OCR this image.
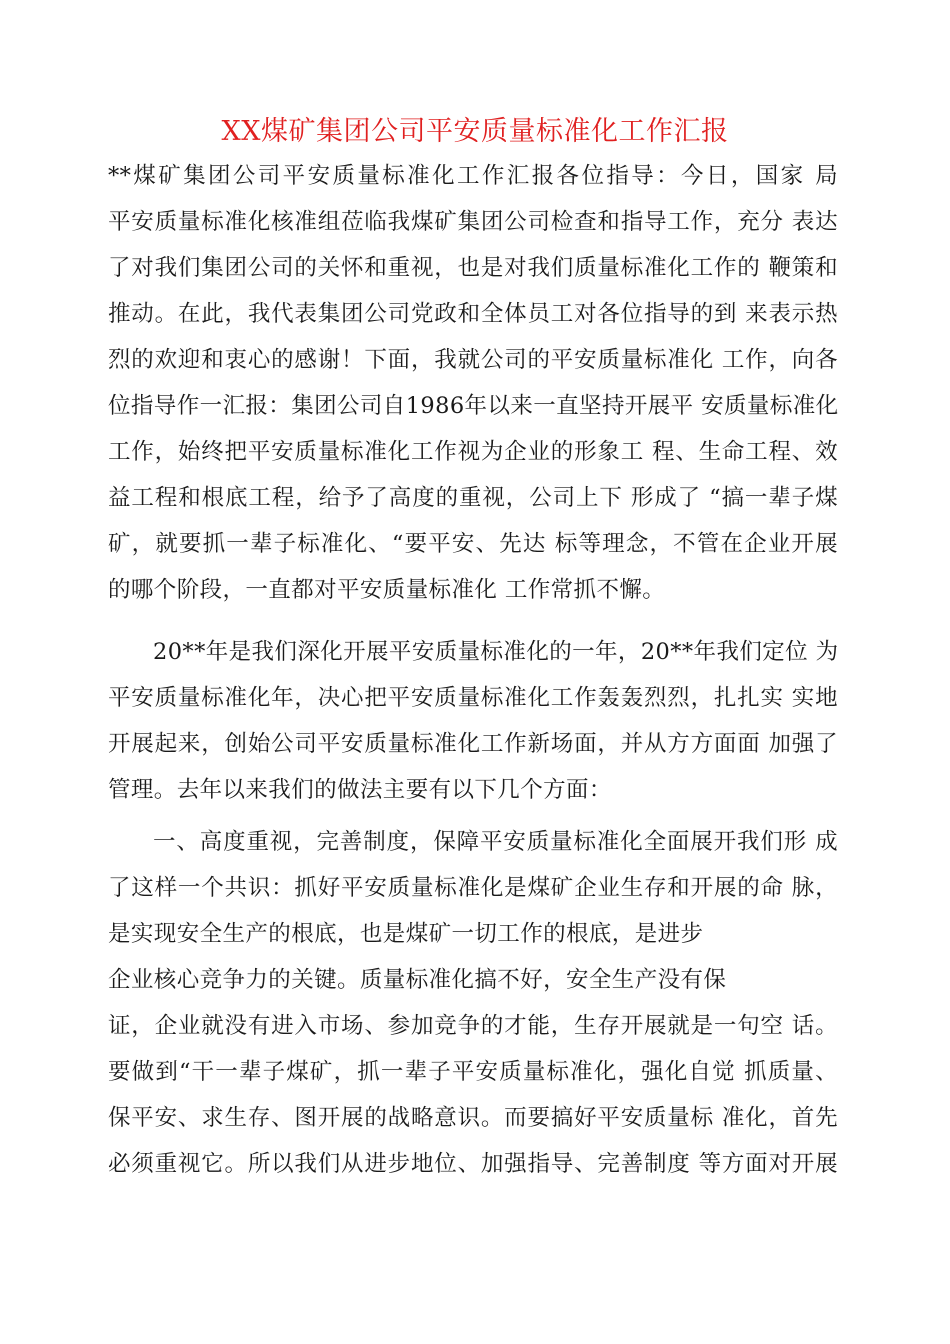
XX煤矿集团公司平安质量标准化工作汇报
**煤矿集团公司平安质量标准化工作汇报各位指导：今日，国家 局
平安质量标准化核准组莅临我煤矿集团公司检查和指导工作，充分 表达
了对我们集团公司的关怀和重视，也是对我们质量标准化工作的 鞭策和
推动。在此，我代表集团公司党政和全体员工对各位指导的到 来表示热
烈的欢迎和衷心的感谢！下面，我就公司的平安质量标准化 工作，向各
位指导作一汇报：集团公司自1986年以来一直坚持开展平 安质量标准化
工作，始终把平安质量标准化工作视为企业的形象工 程、生命工程、效
益工程和根底工程，给予了高度的重视，公司上下 形成了 “搞一辈子煤
矿，就要抓一辈子标准化、“要平安、先达 标等理念，不管在企业开展
的哪个阶段，一直都对平安质量标准化 工作常抓不懈。
20**年是我们深化开展平安质量标准化的一年，20**年我们定位 为
平安质量标准化年，决心把平安质量标准化工作轰轰烈烈，扎扎实 实地
开展起来，创始公司平安质量标准化工作新场面，并从方方面面 加强了
管理。去年以来我们的做法主要有以下几个方面：
一、高度重视，完善制度，保障平安质量标准化全面展开我们形 成
了这样一个共识：抓好平安质量标准化是煤矿企业生存和开展的命 脉，
是实现安全生产的根底，也是煤矿一切工作的根底，是进步
企业核心竞争力的关键。质量标准化搞不好，安全生产没有保
证，企业就没有进入市场、参加竞争的才能，生存开展就是一句空 话。
要做到“干一辈子煤矿，抓一辈子平安质量标准化，强化自觉 抓质量、
保平安、求生存、图开展的战略意识。而要搞好平安质量标 准化，首先
必须重视它。所以我们从进步地位、加强指导、完善制度 等方面对开展
